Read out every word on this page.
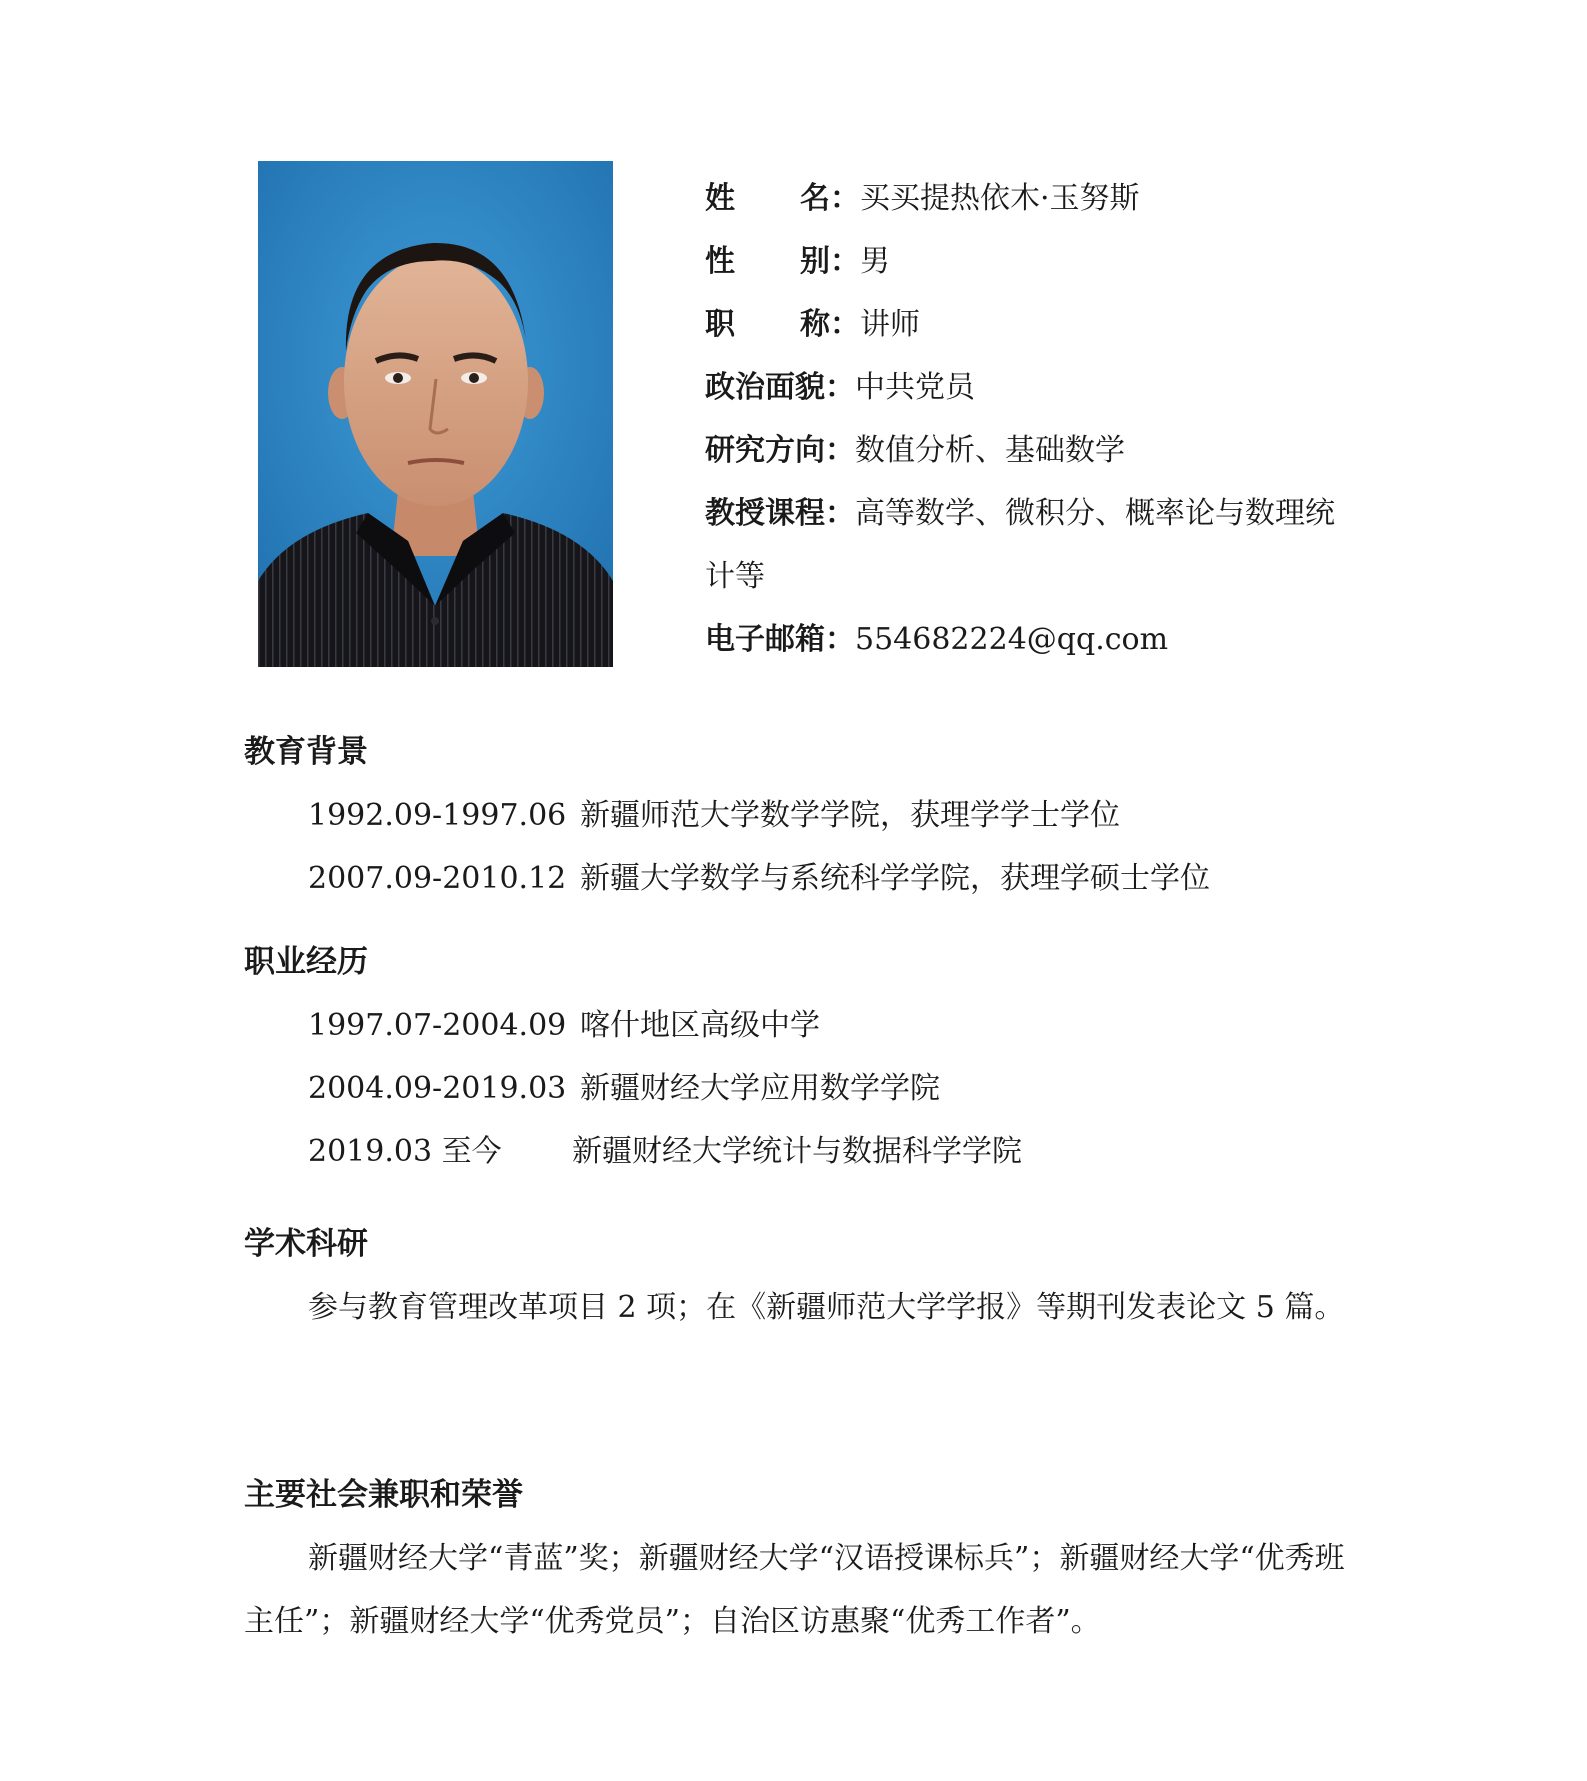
姓 名： 买买提热依木·玉努斯
性 别： 男
职 称： 讲师
政治面貌：中共党员
研究方向：数值分析、基础数学
教授课程：高等数学、微积分、概率论与数理统计等
电子邮箱：554682224@qq.com
教育背景
1992.09-1997.06 新疆师范大学数学学院，获理学学士学位
2007.09-2010.12 新疆大学数学与系统科学学院，获理学硕士学位
职业经历
1997.07-2004.09 喀什地区高级中学
2004.09-2019.03 新疆财经大学应用数学学院
2019.03 至今 新疆财经大学统计与数据科学学院
学术科研

参与教育管理改革项目 2 项；在《新疆师范大学学报》等期刊发表论文 5 篇。

主要社会兼职和荣誉

新疆财经大学“青蓝”奖；新疆财经大学“汉语授课标兵”；新疆财经大学“优秀班主任”；新疆财经大学“优秀党员”；自治区访惠聚“优秀工作者”。
